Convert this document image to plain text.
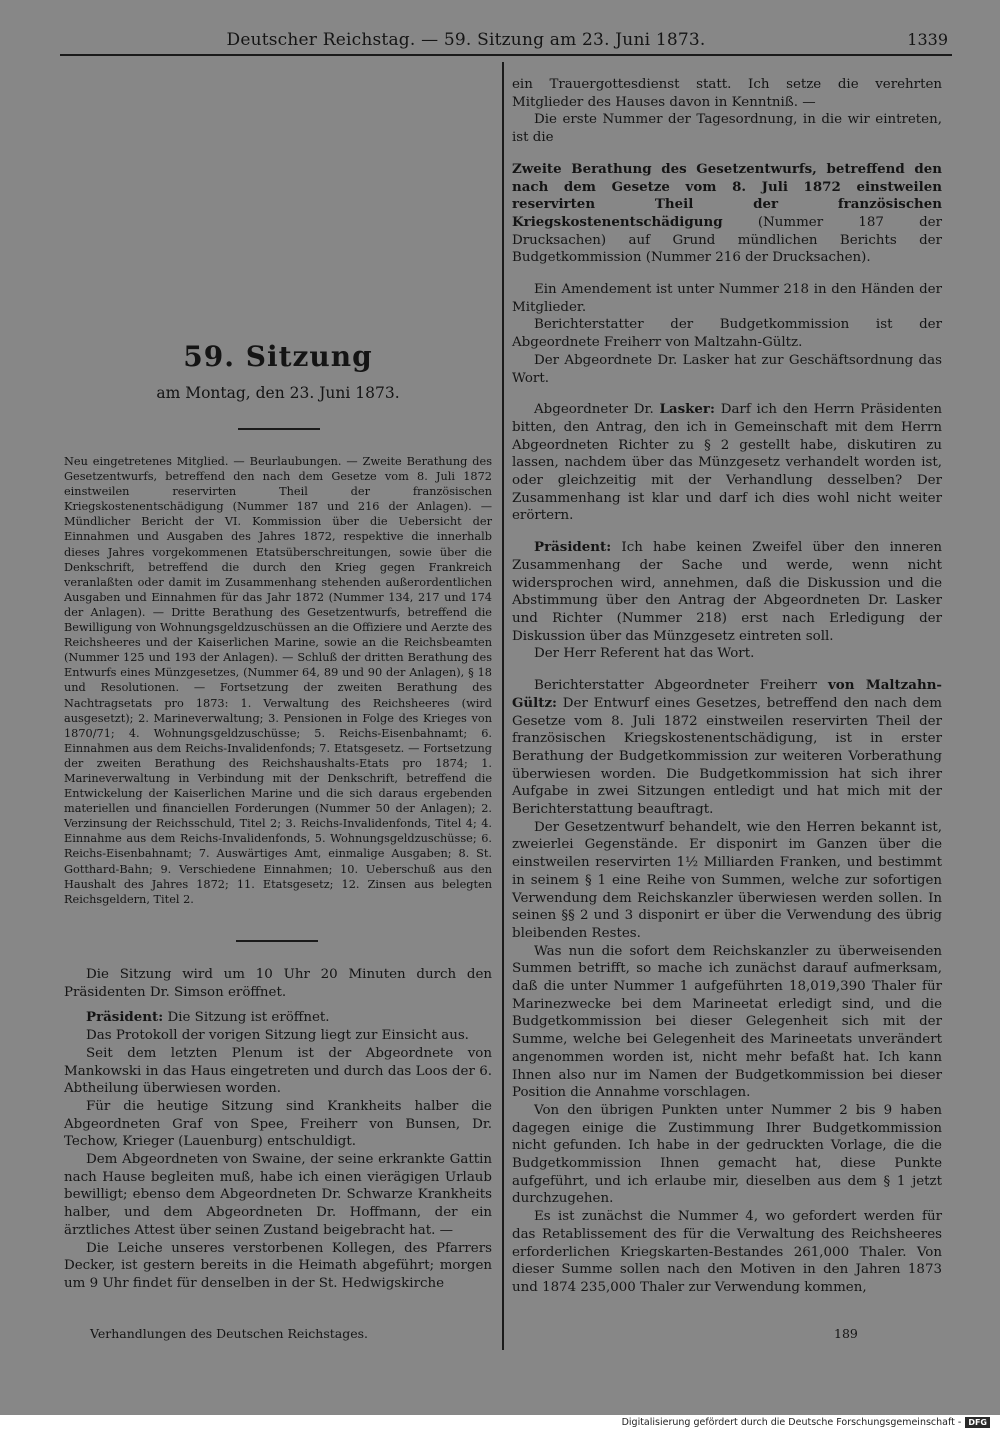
Deutscher Reichstag. — 59. Sitzung am 23. Juni 1873.	1339
59. Sitzung
am Montag, den 23. Juni 1873.

Neu eingetretenes Mitglied. — Beurlaubungen. — Zweite Berathung des Gesetzentwurfs, betreffend den nach dem Gesetze vom 8. Juli 1872 einstweilen reservirten Theil der französischen Kriegskostenentschädigung (Nummer 187 und 216 der Anlagen). — Mündlicher Bericht der VI. Kommission über die Uebersicht der Einnahmen und Ausgaben des Jahres 1872, respektive die innerhalb dieses Jahres vorgekommenen Etatsüberschreitungen, sowie über die Denkschrift, betreffend die durch den Krieg gegen Frankreich veranlaßten oder damit im Zusammenhang stehenden außerordentlichen Ausgaben und Einnahmen für das Jahr 1872 (Nummer 134, 217 und 174 der Anlagen). — Dritte Berathung des Gesetzentwurfs, betreffend die Bewilligung von Wohnungsgeldzuschüssen an die Offiziere und Aerzte des Reichsheeres und der Kaiserlichen Marine, sowie an die Reichsbeamten (Nummer 125 und 193 der Anlagen). — Schluß der dritten Berathung des Entwurfs eines Münzgesetzes, (Nummer 64, 89 und 90 der Anlagen), § 18 und Resolutionen. — Fortsetzung der zweiten Berathung des Nachtragsetats pro 1873: 1. Verwaltung des Reichsheeres (wird ausgesetzt); 2. Marineverwaltung; 3. Pensionen in Folge des Krieges von 1870/71; 4. Wohnungsgeldzuschüsse; 5. Reichs-Eisenbahnamt; 6. Einnahmen aus dem Reichs-Invalidenfonds; 7. Etatsgesetz. — Fortsetzung der zweiten Berathung des Reichshaushalts-Etats pro 1874; 1. Marineverwaltung in Verbindung mit der Denkschrift, betreffend die Entwickelung der Kaiserlichen Marine und die sich daraus ergebenden materiellen und financiellen Forderungen (Nummer 50 der Anlagen); 2. Verzinsung der Reichsschuld, Titel 2; 3. Reichs-Invalidenfonds, Titel 4; 4. Einnahme aus dem Reichs-Invalidenfonds, 5. Wohnungsgeldzuschüsse; 6. Reichs-Eisenbahnamt; 7. Auswärtiges Amt, einmalige Ausgaben; 8. St. Gotthard-Bahn; 9. Verschiedene Einnahmen; 10. Ueberschuß aus den Haushalt des Jahres 1872; 11. Etatsgesetz; 12. Zinsen aus belegten Reichsgeldern, Titel 2.

Die Sitzung wird um 10 Uhr 20 Minuten durch den Präsidenten Dr. Simson eröffnet.

Präsident: Die Sitzung ist eröffnet.

Das Protokoll der vorigen Sitzung liegt zur Einsicht aus.

Seit dem letzten Plenum ist der Abgeordnete von Mankowski in das Haus eingetreten und durch das Loos der 6. Abtheilung überwiesen worden.

Für die heutige Sitzung sind Krankheits halber die Abgeordneten Graf von Spee, Freiherr von Bunsen, Dr. Techow, Krieger (Lauenburg) entschuldigt.

Dem Abgeordneten von Swaine, der seine erkrankte Gattin nach Hause begleiten muß, habe ich einen vierägigen Urlaub bewilligt; ebenso dem Abgeordneten Dr. Schwarze Krankheits halber, und dem Abgeordneten Dr. Hoffmann, der ein ärztliches Attest über seinen Zustand beigebracht hat. —

Die Leiche unseres verstorbenen Kollegen, des Pfarrers Decker, ist gestern bereits in die Heimath abgeführt; morgen um 9 Uhr findet für denselben in der St. Hedwigskirche

ein Trauergottesdienst statt. Ich setze die verehrten Mitglieder des Hauses davon in Kenntniß. —

Die erste Nummer der Tagesordnung, in die wir eintreten, ist die

Zweite Berathung des Gesetzentwurfs, betreffend den nach dem Gesetze vom 8. Juli 1872 einstweilen reservirten Theil der französischen Kriegskostenentschädigung (Nummer 187 der Drucksachen) auf Grund mündlichen Berichts der Budgetkommission (Nummer 216 der Drucksachen).

Ein Amendement ist unter Nummer 218 in den Händen der Mitglieder.

Berichterstatter der Budgetkommission ist der Abgeordnete Freiherr von Maltzahn-Gültz.

Der Abgeordnete Dr. Lasker hat zur Geschäftsordnung das Wort.

Abgeordneter Dr. Lasker: Darf ich den Herrn Präsidenten bitten, den Antrag, den ich in Gemeinschaft mit dem Herrn Abgeordneten Richter zu § 2 gestellt habe, diskutiren zu lassen, nachdem über das Münzgesetz verhandelt worden ist, oder gleichzeitig mit der Verhandlung desselben? Der Zusammenhang ist klar und darf ich dies wohl nicht weiter erörtern.

Präsident: Ich habe keinen Zweifel über den inneren Zusammenhang der Sache und werde, wenn nicht widersprochen wird, annehmen, daß die Diskussion und die Abstimmung über den Antrag der Abgeordneten Dr. Lasker und Richter (Nummer 218) erst nach Erledigung der Diskussion über das Münzgesetz eintreten soll.

Der Herr Referent hat das Wort.

Berichterstatter Abgeordneter Freiherr von Maltzahn-Gültz: Der Entwurf eines Gesetzes, betreffend den nach dem Gesetze vom 8. Juli 1872 einstweilen reservirten Theil der französischen Kriegskostenentschädigung, ist in erster Berathung der Budgetkommission zur weiteren Vorberathung überwiesen worden. Die Budgetkommission hat sich ihrer Aufgabe in zwei Sitzungen entledigt und hat mich mit der Berichterstattung beauftragt.

Der Gesetzentwurf behandelt, wie den Herren bekannt ist, zweierlei Gegenstände. Er disponirt im Ganzen über die einstweilen reservirten 1½ Milliarden Franken, und bestimmt in seinem § 1 eine Reihe von Summen, welche zur sofortigen Verwendung dem Reichskanzler überwiesen werden sollen. In seinen §§ 2 und 3 disponirt er über die Verwendung des übrig bleibenden Restes.

Was nun die sofort dem Reichskanzler zu überweisenden Summen betrifft, so mache ich zunächst darauf aufmerksam, daß die unter Nummer 1 aufgeführten 18,019,390 Thaler für Marinezwecke bei dem Marineetat erledigt sind, und die Budgetkommission bei dieser Gelegenheit sich mit der Summe, welche bei Gelegenheit des Marineetats unverändert angenommen worden ist, nicht mehr befaßt hat. Ich kann Ihnen also nur im Namen der Budgetkommission bei dieser Position die Annahme vorschlagen.

Von den übrigen Punkten unter Nummer 2 bis 9 haben dagegen einige die Zustimmung Ihrer Budgetkommission nicht gefunden. Ich habe in der gedruckten Vorlage, die die Budgetkommission Ihnen gemacht hat, diese Punkte aufgeführt, und ich erlaube mir, dieselben aus dem § 1 jetzt durchzugehen.

Es ist zunächst die Nummer 4, wo gefordert werden für das Retablissement des für die Verwaltung des Reichsheeres erforderlichen Kriegskarten-Bestandes 261,000 Thaler. Von dieser Summe sollen nach den Motiven in den Jahren 1873 und 1874 235,000 Thaler zur Verwendung kommen,

Verhandlungen des Deutschen Reichstages.	189
Digitalisierung gefördert durch die Deutsche Forschungsgemeinschaft - DFG
